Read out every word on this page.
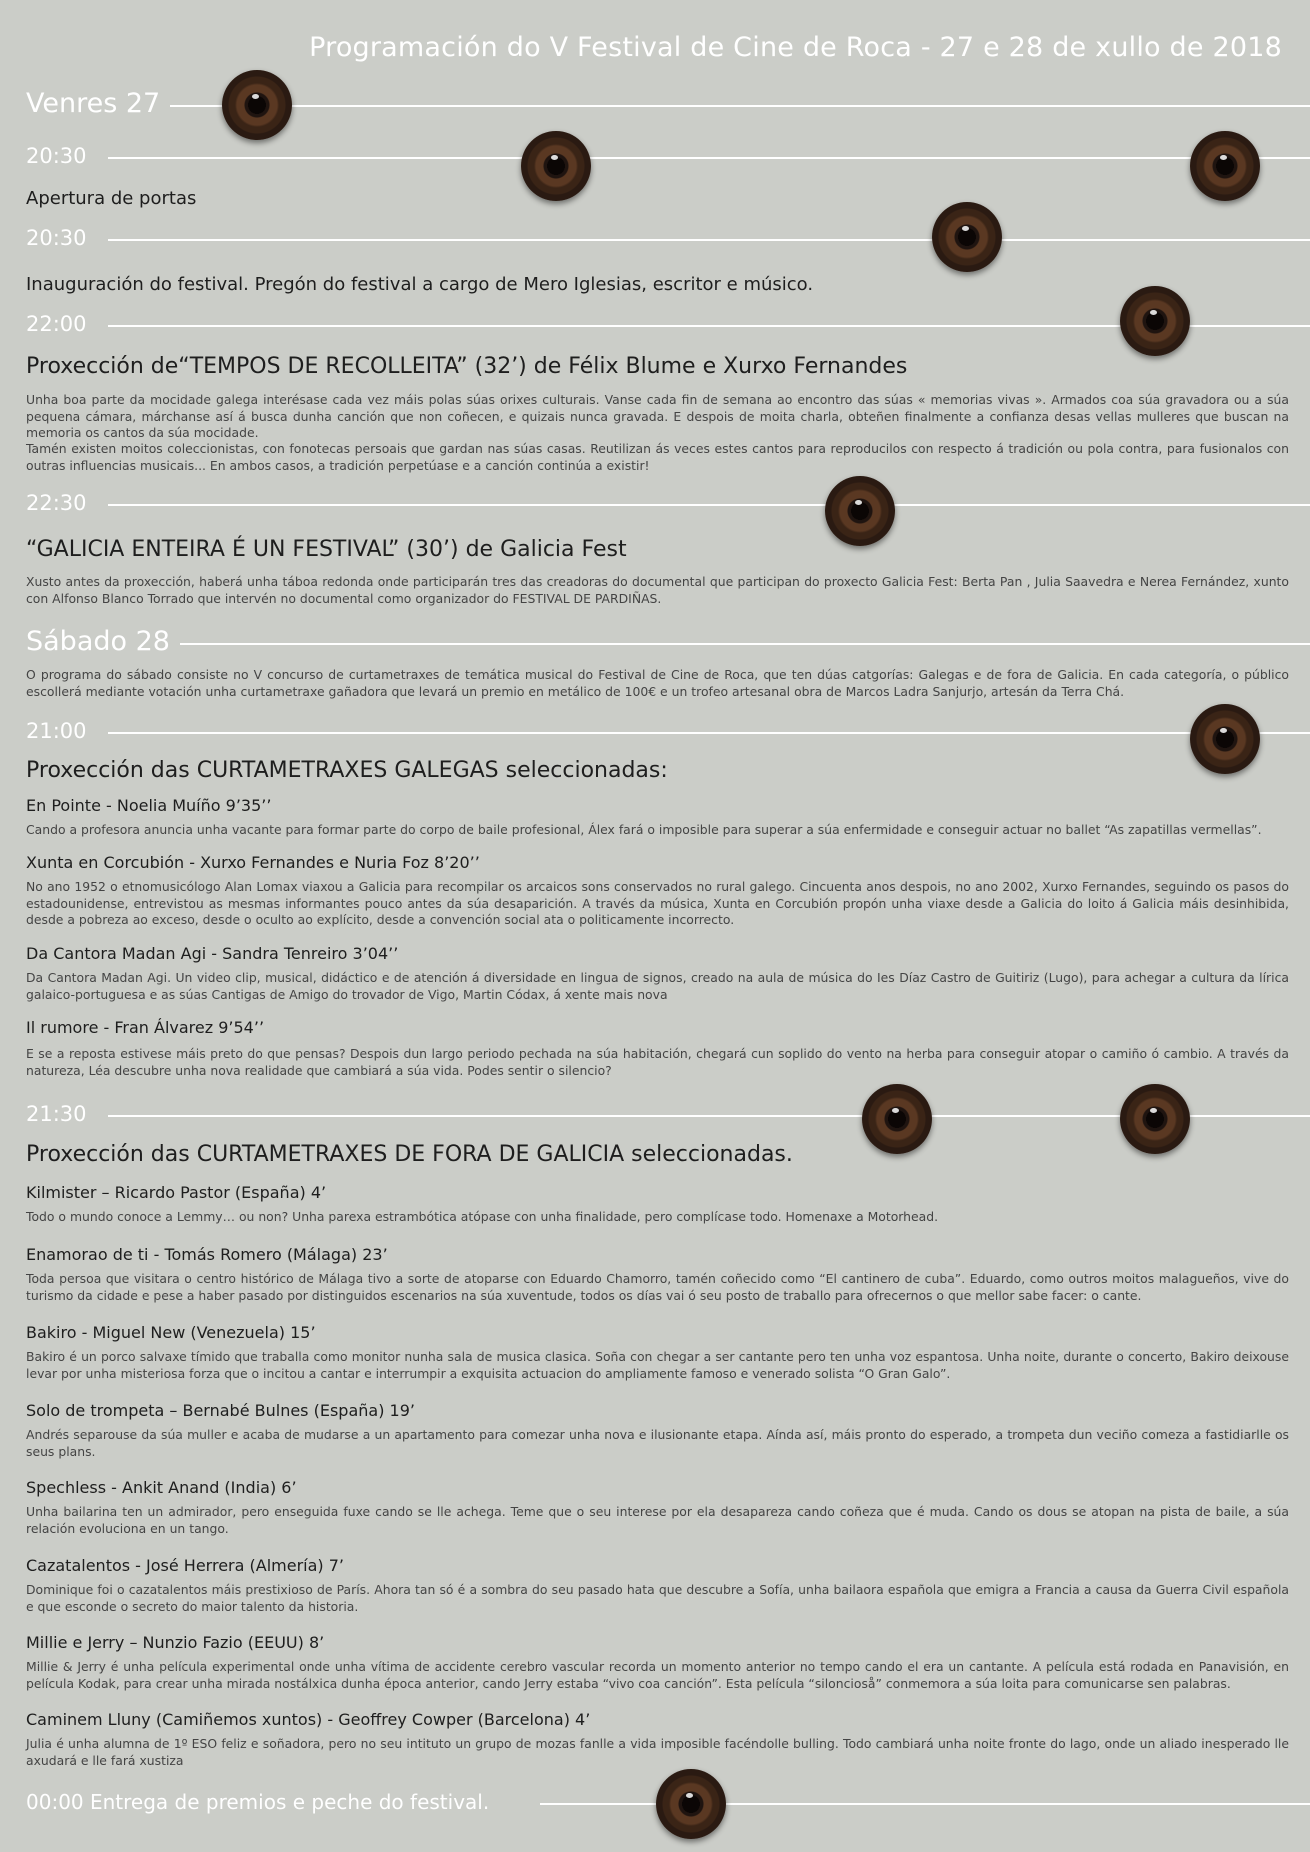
Programación do V Festival de Cine de Roca - 27 e 28 de xullo de 2018
Venres 27
20:30
Apertura de portas
20:30
Inauguración do festival. Pregón do festival a cargo de Mero Iglesias, escritor e músico.
22:00
Proxección de“TEMPOS DE RECOLLEITA” (32’) de Félix Blume e Xurxo Fernandes

Unha boa parte da mocidade galega interésase cada vez máis polas súas orixes culturais. Vanse cada fin de semana ao encontro das súas « memorias vivas ». Armados coa súa gravadora ou a súa pequena cámara, márchanse así á busca dunha canción que non coñecen, e quizais nunca gravada. E despois de moita charla, obteñen finalmente a confianza desas vellas mulleres que buscan na memoria os cantos da súa mocidade.

Tamén existen moitos coleccionistas, con fonotecas persoais que gardan nas súas casas. Reutilizan ás veces estes cantos para reproducilos con respecto á tradición ou pola contra, para fusionalos con outras influencias musicais... En ambos casos, a tradición perpetúase e a canción continúa a existir!

22:30
“GALICIA ENTEIRA É UN FESTIVAL” (30’) de Galicia Fest

Xusto antes da proxección, haberá unha táboa redonda onde participarán tres das creadoras do documental que participan do proxecto Galicia Fest: Berta Pan , Julia Saavedra e Nerea Fernández, xunto con Alfonso Blanco Torrado que intervén no documental como organizador do FESTIVAL DE PARDIÑAS.

Sábado 28

O programa do sábado consiste no V concurso de curtametraxes de temática musical do Festival de Cine de Roca, que ten dúas catgorías: Galegas e de fora de Galicia. En cada categoría, o público escollerá mediante votación unha curtametraxe gañadora que levará un premio en metálico de 100€ e un trofeo artesanal obra de Marcos Ladra Sanjurjo, artesán da Terra Chá.

21:00
Proxección das CURTAMETRAXES GALEGAS seleccionadas:
En Pointe - Noelia Muíño 9’35’’

Cando a profesora anuncia unha vacante para formar parte do corpo de baile profesional, Álex fará o imposible para superar a súa enfermidade e conseguir actuar no ballet “As zapatillas vermellas”.

Xunta en Corcubión - Xurxo Fernandes e Nuria Foz 8’20’’

No ano 1952 o etnomusicólogo Alan Lomax viaxou a Galicia para recompilar os arcaicos sons conservados no rural galego. Cincuenta anos despois, no ano 2002, Xurxo Fernandes, seguindo os pasos do estadounidense, entrevistou as mesmas informantes pouco antes da súa desaparición. A través da música, Xunta en Corcubión propón unha viaxe desde a Galicia do loito á Galicia máis desinhibida, desde a pobreza ao exceso, desde o oculto ao explícito, desde a convención social ata o politicamente incorrecto.

Da Cantora Madan Agi - Sandra Tenreiro 3’04’’

Da Cantora Madan Agi. Un video clip, musical, didáctico e de atención á diversidade en lingua de signos, creado na aula de música do Ies Díaz Castro de Guitiriz (Lugo), para achegar a cultura da lírica galaico-portuguesa e as súas Cantigas de Amigo do trovador de Vigo, Martin Códax, á xente mais nova

Il rumore - Fran Álvarez 9’54’’

E se a reposta estivese máis preto do que pensas? Despois dun largo periodo pechada na súa habitación, chegará cun soplido do vento na herba para conseguir atopar o camiño ó cambio. A través da natureza, Léa descubre unha nova realidade que cambiará a súa vida. Podes sentir o silencio?

21:30
Proxección das CURTAMETRAXES DE FORA DE GALICIA seleccionadas.
Kilmister – Ricardo Pastor (España) 4’

Todo o mundo conoce a Lemmy… ou non? Unha parexa estrambótica atópase con unha finalidade, pero complícase todo. Homenaxe a Motorhead.

Enamorao de ti - Tomás Romero (Málaga) 23’

Toda persoa que visitara o centro histórico de Málaga tivo a sorte de atoparse con Eduardo Chamorro, tamén coñecido como “El cantinero de cuba”. Eduardo, como outros moitos malagueños, vive do turismo da cidade e pese a haber pasado por distinguidos escenarios na súa xuventude, todos os días vai ó seu posto de traballo para ofrecernos o que mellor sabe facer: o cante.

Bakiro - Miguel New (Venezuela) 15’

Bakiro é un porco salvaxe tímido que traballa como monitor nunha sala de musica clasica. Soña con chegar a ser cantante pero ten unha voz espantosa. Unha noite, durante o concerto, Bakiro deixouse levar por unha misteriosa forza que o incitou a cantar e interrumpir a exquisita actuacion do ampliamente famoso e venerado solista “O Gran Galo”.

Solo de trompeta – Bernabé Bulnes (España) 19’

Andrés separouse da súa muller e acaba de mudarse a un apartamento para comezar unha nova e ilusionante etapa. Aínda así, máis pronto do esperado, a trompeta dun veciño comeza a fastidiarlle os seus plans.

Spechless - Ankit Anand (India) 6’

Unha bailarina ten un admirador, pero enseguida fuxe cando se lle achega. Teme que o seu interese por ela desapareza cando coñeza que é muda. Cando os dous se atopan na pista de baile, a súa relación evoluciona en un tango.

Cazatalentos - José Herrera (Almería) 7’

Dominique foi o cazatalentos máis prestixioso de París. Ahora tan só é a sombra do seu pasado hata que descubre a Sofía, unha bailaora española que emigra a Francia a causa da Guerra Civil española e que esconde o secreto do maior talento da historia.

Millie e Jerry – Nunzio Fazio (EEUU) 8’

Millie & Jerry é unha película experimental onde unha vítima de accidente cerebro vascular recorda un momento anterior no tempo cando el era un cantante. A película está rodada en Panavisión, en película Kodak, para crear unha mirada nostálxica dunha época anterior, cando Jerry estaba “vivo coa canción”. Esta película “siloncioså” conmemora a súa loita para comunicarse sen palabras.

Caminem Lluny (Camiñemos xuntos) - Geoffrey Cowper (Barcelona) 4’

Julia é unha alumna de 1º ESO feliz e soñadora, pero no seu intituto un grupo de mozas fanlle a vida imposible facéndolle bulling. Todo cambiará unha noite fronte do lago, onde un aliado inesperado lle axudará e lle fará xustiza

00:00 Entrega de premios e peche do festival.
